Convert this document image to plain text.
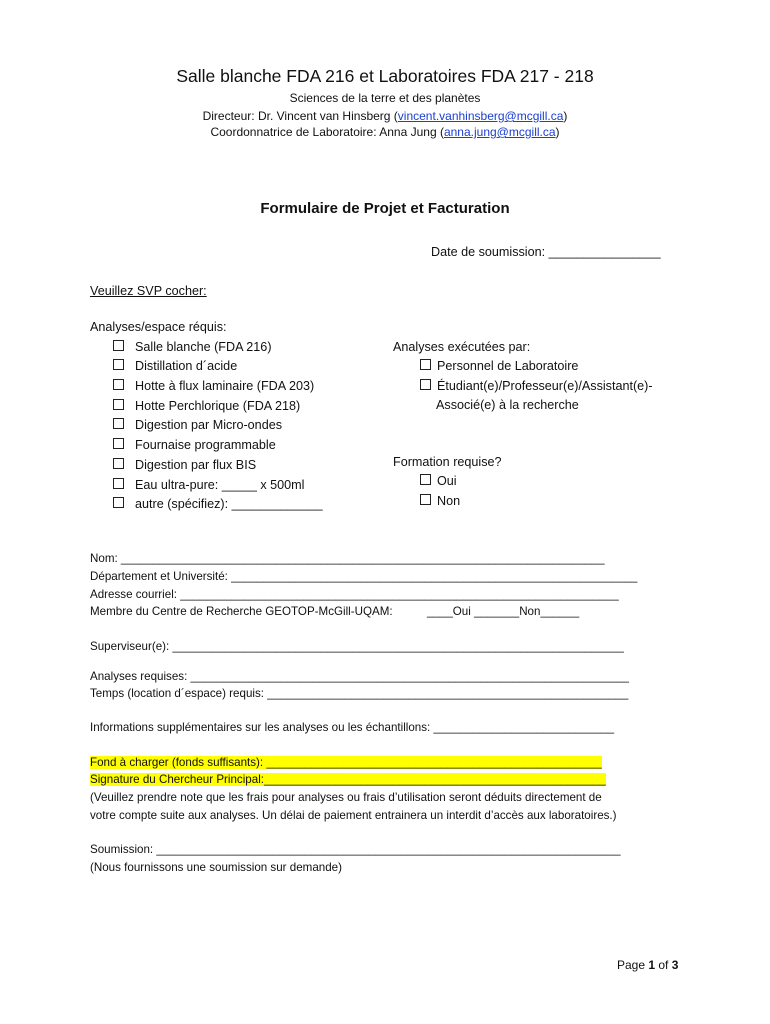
Salle blanche FDA 216 et Laboratoires FDA 217 - 218
Sciences de la terre et des planètes
Directeur: Dr. Vincent van Hinsberg (vincent.vanhinsberg@mcgill.ca)
Coordonnatrice de Laboratoire: Anna Jung (anna.jung@mcgill.ca)
Formulaire de Projet et Facturation
Date de soumission: ________________
Veuillez SVP cocher:
Analyses/espace réquis:
Salle blanche (FDA 216)
Distillation d´acide
Hotte à flux laminaire (FDA 203)
Hotte Perchlorique (FDA 218)
Digestion par Micro-ondes
Fournaise programmable
Digestion par flux BIS
Eau ultra-pure: _____ x 500ml
autre (spécifiez): _____________
Analyses exécutées par:
Personnel de Laboratoire
Étudiant(e)/Professeur(e)/Assistant(e)-
Associé(e) à la recherche
Formation requise?
Oui
Non
Nom: ___________________________________________________________________________
Département et Université: _______________________________________________________________
Adresse courriel: ____________________________________________________________________
Membre du Centre de Recherche GEOTOP-McGill-UQAM:	____Oui _______Non______
Superviseur(e): ______________________________________________________________________
Analyses requises: ____________________________________________________________________
Temps (location d´espace) requis: ________________________________________________________
Informations supplémentaires sur les analyses ou les échantillons: ____________________________
Fond à charger (fonds suffisants): ____________________________________________________
Signature du Chercheur Principal:_____________________________________________________
(Veuillez prendre note que les frais pour analyses ou frais d’utilisation seront déduits directement de
votre compte suite aux analyses. Un délai de paiement entrainera un interdit d’accès aux laboratoires.)
Soumission: ________________________________________________________________________
(Nous fournissons une soumission sur demande)
Page 1 of 3
